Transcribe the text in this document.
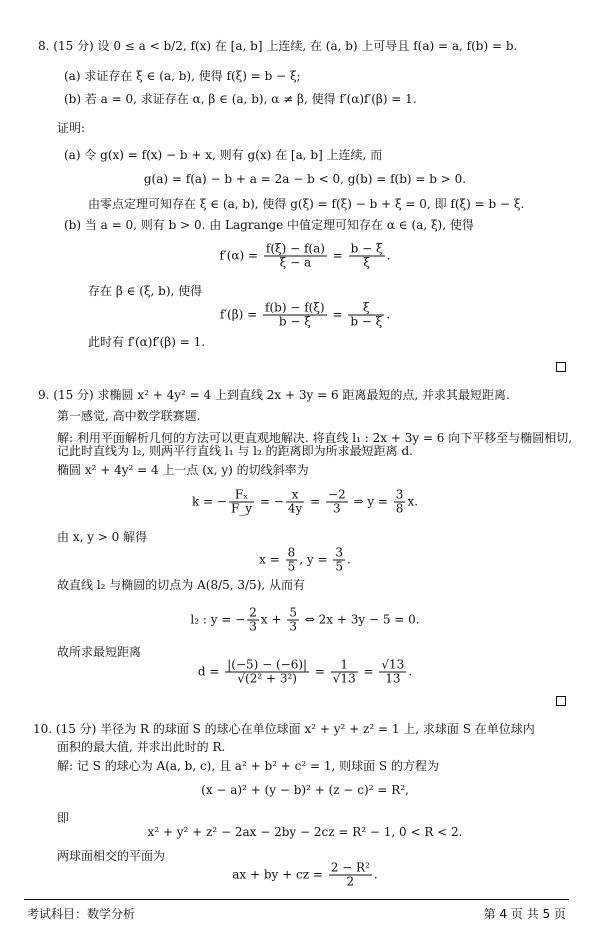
8. (15 分) 设 0 ≤ a < b/2, f(x) 在 [a, b] 上连续, 在 (a, b) 上可导且 f(a) = a, f(b) = b.
(a) 求证存在 ξ ∈ (a, b), 使得 f(ξ) = b − ξ;
(b) 若 a = 0, 求证存在 α, β ∈ (a, b), α ≠ β, 使得 f′(α)f′(β) = 1.
证明:
(a) 令 g(x) = f(x) − b + x, 则有 g(x) 在 [a, b] 上连续, 而
g(a) = f(a) − b + a = 2a − b < 0, g(b) = f(b) = b > 0.
由零点定理可知存在 ξ ∈ (a, b), 使得 g(ξ) = f(ξ) − b + ξ = 0, 即 f(ξ) = b − ξ.
(b) 当 a = 0, 则有 b > 0. 由 Lagrange 中值定理可知存在 α ∈ (a, ξ), 使得
$f'(\alpha) = \frac{f(\xi) - f(a)}{\xi - a} = \frac{b - \xi}{\xi}$ .
存在 β ∈ (ξ, b), 使得
$f'(\beta) = \frac{f(b) - f(\xi)}{b - \xi} = \frac{\xi}{b - \xi}$ .
此时有 f′(α)f′(β) = 1.
9. (15 分) 求椭圆 x² + 4y² = 4 上到直线 2x + 3y = 6 距离最短的点, 并求其最短距离.
第一感觉, 高中数学联赛题.
解: 利用平面解析几何的方法可以更直观地解决. 将直线 l₁ : 2x + 3y = 6 向下平移至与椭圆相切,
记此时直线为 l₂, 则两平行直线 l₁ 与 l₂ 的距离即为所求最短距离 d.
椭圆 x² + 4y² = 4 上一点 (x, y) 的切线斜率为
k = − $\frac{\text{Fₓ}}{F\_y}$ = − $\frac{x}{4y} = \frac{-2}{3}$ ⇒ $y = \frac{3}{8} x$.
由 x, y > 0 解得
$x = \frac{8}{5}$ , $y = \frac{3}{5}$ .
故直线 l₂ 与椭圆的切点为 A(8/5, 3/5), 从而有
l₂ : y = − $\frac{2}{3}$ $x + \frac{5}{3}$ ⇔ 2x + 3y − 5 = 0.
故所求最短距离
$d = \frac{|(-5) - (-6)|}{\text{√(2² + 3²)}} = \frac{1}{√13} = \frac{√13}{13}$ .
10. (15 分) 半径为 R 的球面 S 的球心在单位球面 x² + y² + z² = 1 上, 求球面 S 在单位球内
面积的最大值, 并求出此时的 R.
解: 记 S 的球心为 A(a, b, c), 且 a² + b² + c² = 1, 则球面 S 的方程为
(x − a)² + (y − b)² + (z − c)² = R²,
即
x² + y² + z² − 2ax − 2by − 2cz = R² − 1, 0 < R < 2.
两球面相交的平面为
ax + by + cz = $\frac{\text{2 − R²}}{2}$ .
考试科目：数学分析	第 4 页 共 5 页
